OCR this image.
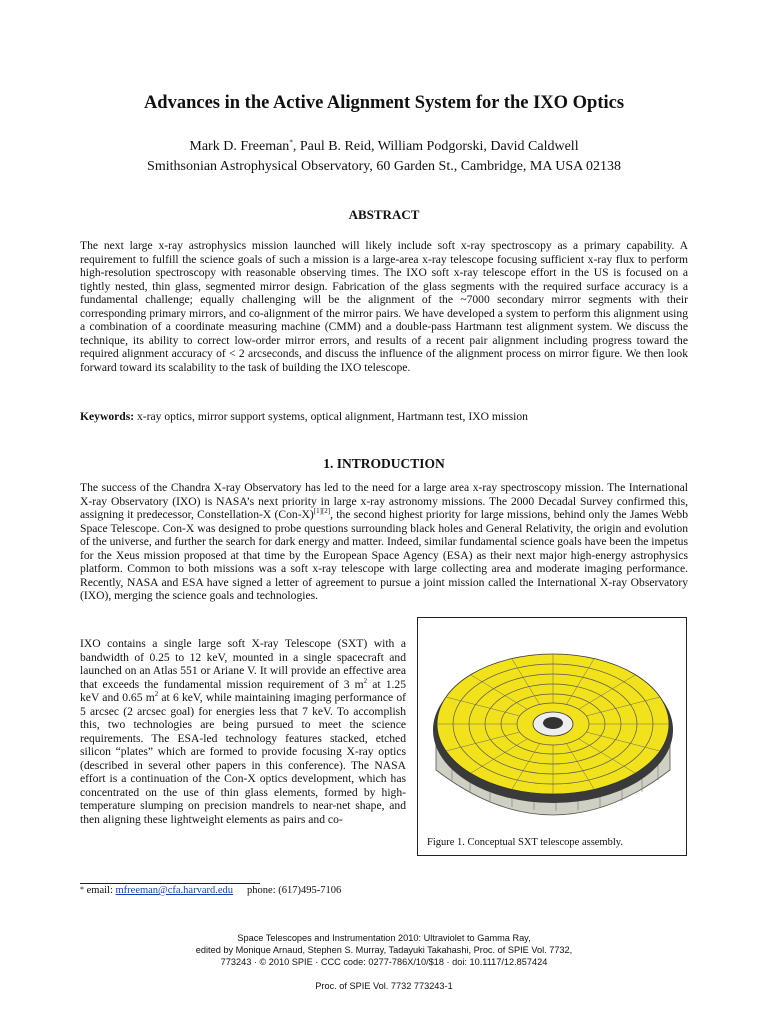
Advances in the Active Alignment System for the IXO Optics
Mark D. Freeman*, Paul B. Reid, William Podgorski, David Caldwell
Smithsonian Astrophysical Observatory, 60 Garden St., Cambridge, MA USA 02138
ABSTRACT

The next large x-ray astrophysics mission launched will likely include soft x-ray spectroscopy as a primary capability. A requirement to fulfill the science goals of such a mission is a large-area x-ray telescope focusing sufficient x-ray flux to perform high-resolution spectroscopy with reasonable observing times. The IXO soft x-ray telescope effort in the US is focused on a tightly nested, thin glass, segmented mirror design. Fabrication of the glass segments with the required surface accuracy is a fundamental challenge; equally challenging will be the alignment of the ~7000 secondary mirror segments with their corresponding primary mirrors, and co-alignment of the mirror pairs. We have developed a system to perform this alignment using a combination of a coordinate measuring machine (CMM) and a double-pass Hartmann test alignment system. We discuss the technique, its ability to correct low-order mirror errors, and results of a recent pair alignment including progress toward the required alignment accuracy of < 2 arcseconds, and discuss the influence of the alignment process on mirror figure. We then look forward toward its scalability to the task of building the IXO telescope.

Keywords: x-ray optics, mirror support systems, optical alignment, Hartmann test, IXO mission

1. INTRODUCTION

The success of the Chandra X-ray Observatory has led to the need for a large area x-ray spectroscopy mission. The International X-ray Observatory (IXO) is NASA’s next priority in large x-ray astronomy missions. The 2000 Decadal Survey confirmed this, assigning it predecessor, Constellation-X (Con-X)[1][2], the second highest priority for large missions, behind only the James Webb Space Telescope. Con-X was designed to probe questions surrounding black holes and General Relativity, the origin and evolution of the universe, and further the search for dark energy and matter. Indeed, similar fundamental science goals have been the impetus for the Xeus mission proposed at that time by the European Space Agency (ESA) as their next major high-energy astrophysics platform. Common to both missions was a soft x-ray telescope with large collecting area and moderate imaging performance. Recently, NASA and ESA have signed a letter of agreement to pursue a joint mission called the International X-ray Observatory (IXO), merging the science goals and technologies.

IXO contains a single large soft X-ray Telescope (SXT) with a bandwidth of 0.25 to 12 keV, mounted in a single spacecraft and launched on an Atlas 551 or Ariane V. It will provide an effective area that exceeds the fundamental mission requirement of 3 $m^2$ at 1.25 keV and 0.65 $m^2$ at 6 keV, while maintaining imaging performance of 5 arcsec (2 arcsec goal) for energies less that 7 keV. To accomplish this, two technologies are being pursued to meet the science requirements. The ESA-led technology features stacked, etched silicon “plates” which are formed to provide focusing X-ray optics (described in several other papers in this conference). The NASA effort is a continuation of the Con-X optics development, which has concentrated on the use of thin glass elements, formed by high-temperature slumping on precision mandrels to near-net shape, and then aligning these lightweight elements as pairs and co-

Figure 1. Conceptual SXT telescope assembly.
* email: mfreeman@cfa.harvard.edu phone: (617)495-7106
Space Telescopes and Instrumentation 2010: Ultraviolet to Gamma Ray,
edited by Monique Arnaud, Stephen S. Murray, Tadayuki Takahashi, Proc. of SPIE Vol. 7732,
773243 · © 2010 SPIE · CCC code: 0277-786X/10/$18 · doi: 10.1117/12.857424
Proc. of SPIE Vol. 7732 773243-1
